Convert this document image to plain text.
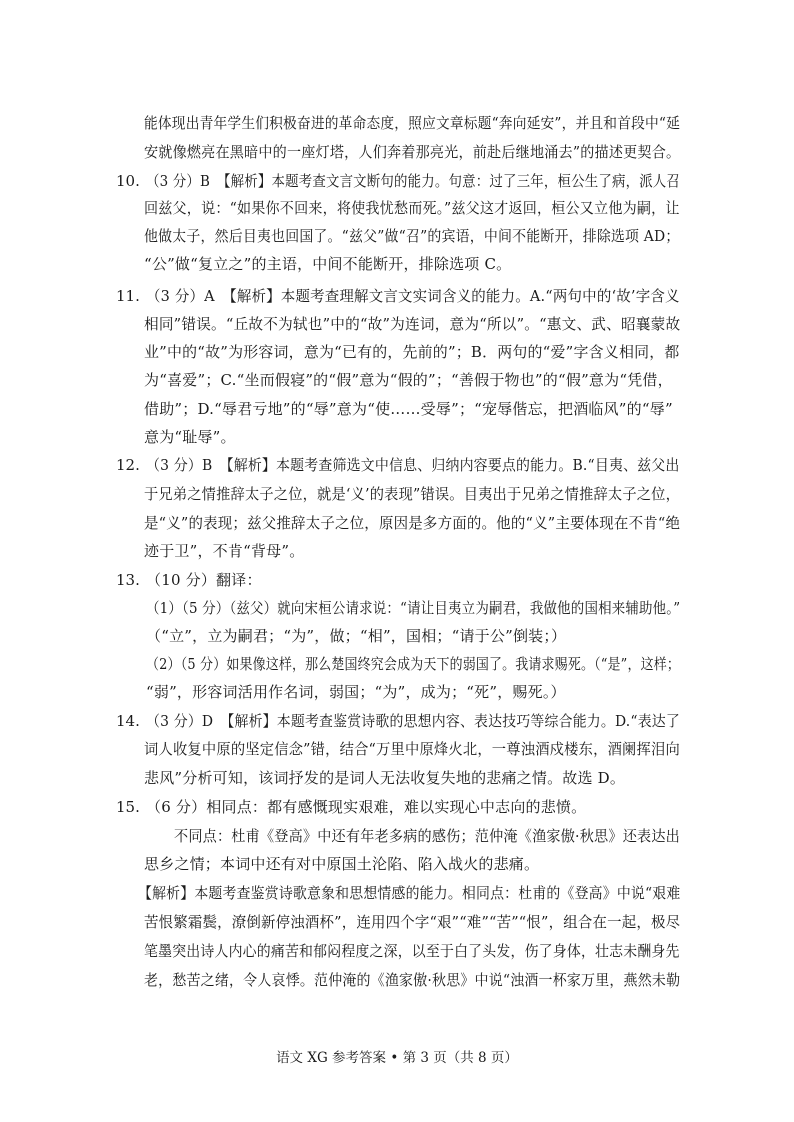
能体现出青年学生们积极奋进的革命态度，照应文章标题“奔向延安”，并且和首段中“延
安就像燃亮在黑暗中的一座灯塔，人们奔着那亮光，前赴后继地涌去”的描述更契合。
10. （3 分）B　【解析】本题考查文言文断句的能力。句意：过了三年，桓公生了病，派人召
回兹父，说：“如果你不回来，将使我忧愁而死。”兹父这才返回，桓公又立他为嗣，让
他做太子，然后目夷也回国了。“兹父”做“召”的宾语，中间不能断开，排除选项 AD；
“公”做“复立之”的主语，中间不能断开，排除选项 C。
11. （3 分）A　【解析】本题考查理解文言文实词含义的能力。A.“两句中的‘故’字含义
相同”错误。“丘故不为轼也”中的“故”为连词，意为“所以”。“惠文、武、昭襄蒙故
业”中的“故”为形容词，意为“已有的，先前的”；B．两句的“爱”字含义相同，都
为“喜爱”；C.“坐而假寝”的“假”意为“假的”；“善假于物也”的“假”意为“凭借，
借助”；D.“辱君亏地”的“辱”意为“使……受辱”；“宠辱偕忘，把酒临风”的“辱”
意为“耻辱”。
12. （3 分）B　【解析】本题考查筛选文中信息、归纳内容要点的能力。B.“目夷、兹父出
于兄弟之情推辞太子之位，就是‘义’的表现”错误。目夷出于兄弟之情推辞太子之位，
是“义”的表现；兹父推辞太子之位，原因是多方面的。他的“义”主要体现在不肯“绝
迹于卫”，不肯“背母”。
13. （10 分）翻译：
（1）（5 分）（兹父）就向宋桓公请求说：“请让目夷立为嗣君，我做他的国相来辅助他。”
（“立”，立为嗣君；“为”，做；“相”，国相；“请于公”倒装；）
（2）（5 分）如果像这样，那么楚国终究会成为天下的弱国了。我请求赐死。（“是”，这样；
“弱”，形容词活用作名词，弱国；“为”，成为；“死”，赐死。）
14. （3 分）D　【解析】本题考查鉴赏诗歌的思想内容、表达技巧等综合能力。D.“表达了
词人收复中原的坚定信念”错，结合“万里中原烽火北，一尊浊酒戍楼东，酒阑挥泪向
悲风”分析可知，该词抒发的是词人无法收复失地的悲痛之情。故选 D。
15. （6 分）相同点：都有感慨现实艰难，难以实现心中志向的悲愤。
不同点：杜甫《登高》中还有年老多病的感伤；范仲淹《渔家傲·秋思》还表达出
思乡之情；本词中还有对中原国土沦陷、陷入战火的悲痛。
【解析】本题考查鉴赏诗歌意象和思想情感的能力。相同点：杜甫的《登高》中说“艰难
苦恨繁霜鬓，潦倒新停浊酒杯”，连用四个字“艰”“难”“苦”“恨”，组合在一起，极尽
笔墨突出诗人内心的痛苦和郁闷程度之深，以至于白了头发，伤了身体，壮志未酬身先
老，愁苦之绪，令人哀悸。范仲淹的《渔家傲·秋思》中说“浊酒一杯家万里，燕然未勒
语文 XG 参考答案 • 第 3 页（共 8 页）
